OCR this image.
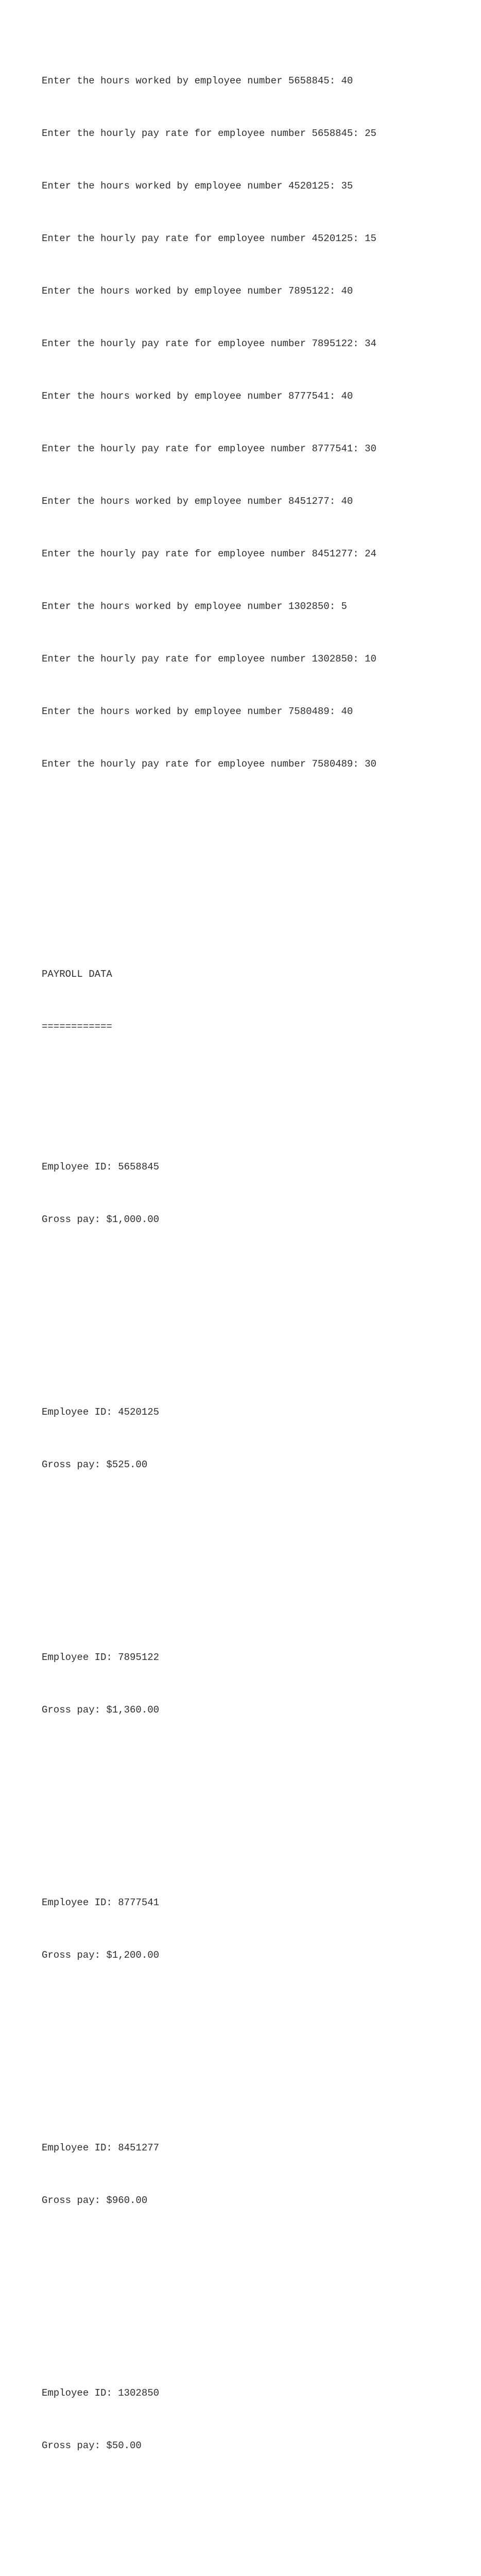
Enter the hours worked by employee number 5658845: 40

Enter the hourly pay rate for employee number 5658845: 25

Enter the hours worked by employee number 4520125: 35

Enter the hourly pay rate for employee number 4520125: 15

Enter the hours worked by employee number 7895122: 40

Enter the hourly pay rate for employee number 7895122: 34

Enter the hours worked by employee number 8777541: 40

Enter the hourly pay rate for employee number 8777541: 30

Enter the hours worked by employee number 8451277: 40

Enter the hourly pay rate for employee number 8451277: 24

Enter the hours worked by employee number 1302850: 5

Enter the hourly pay rate for employee number 1302850: 10

Enter the hours worked by employee number 7580489: 40

Enter the hourly pay rate for employee number 7580489: 30

PAYROLL DATA

============

Employee ID: 5658845

Gross pay: $1,000.00

Employee ID: 4520125

Gross pay: $525.00

Employee ID: 7895122

Gross pay: $1,360.00

Employee ID: 8777541

Gross pay: $1,200.00

Employee ID: 8451277

Gross pay: $960.00

Employee ID: 1302850

Gross pay: $50.00
